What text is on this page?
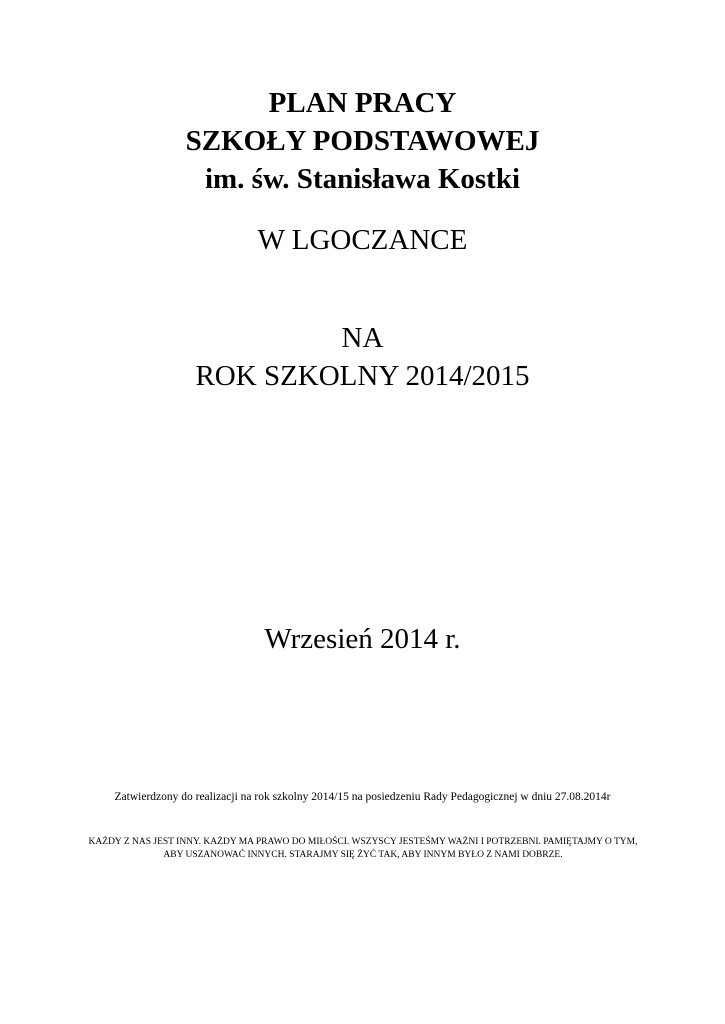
PLAN PRACY
SZKOŁY PODSTAWOWEJ
im. św. Stanisława Kostki
W LGOCZANCE
NA
ROK SZKOLNY 2014/2015
Wrzesień 2014 r.
Zatwierdzony do realizacji na rok szkolny 2014/15 na posiedzeniu Rady Pedagogicznej w dniu 27.08.2014r
KAŻDY Z NAS JEST INNY. KAŻDY MA PRAWO DO MIŁOŚCI. WSZYSCY JESTEŚMY WAŻNI I POTRZEBNI. PAMIĘTAJMY O TYM, ABY USZANOWAĆ INNYCH. STARAJMY SIĘ ŻYĆ TAK, ABY INNYM BYŁO Z NAMI DOBRZE.
